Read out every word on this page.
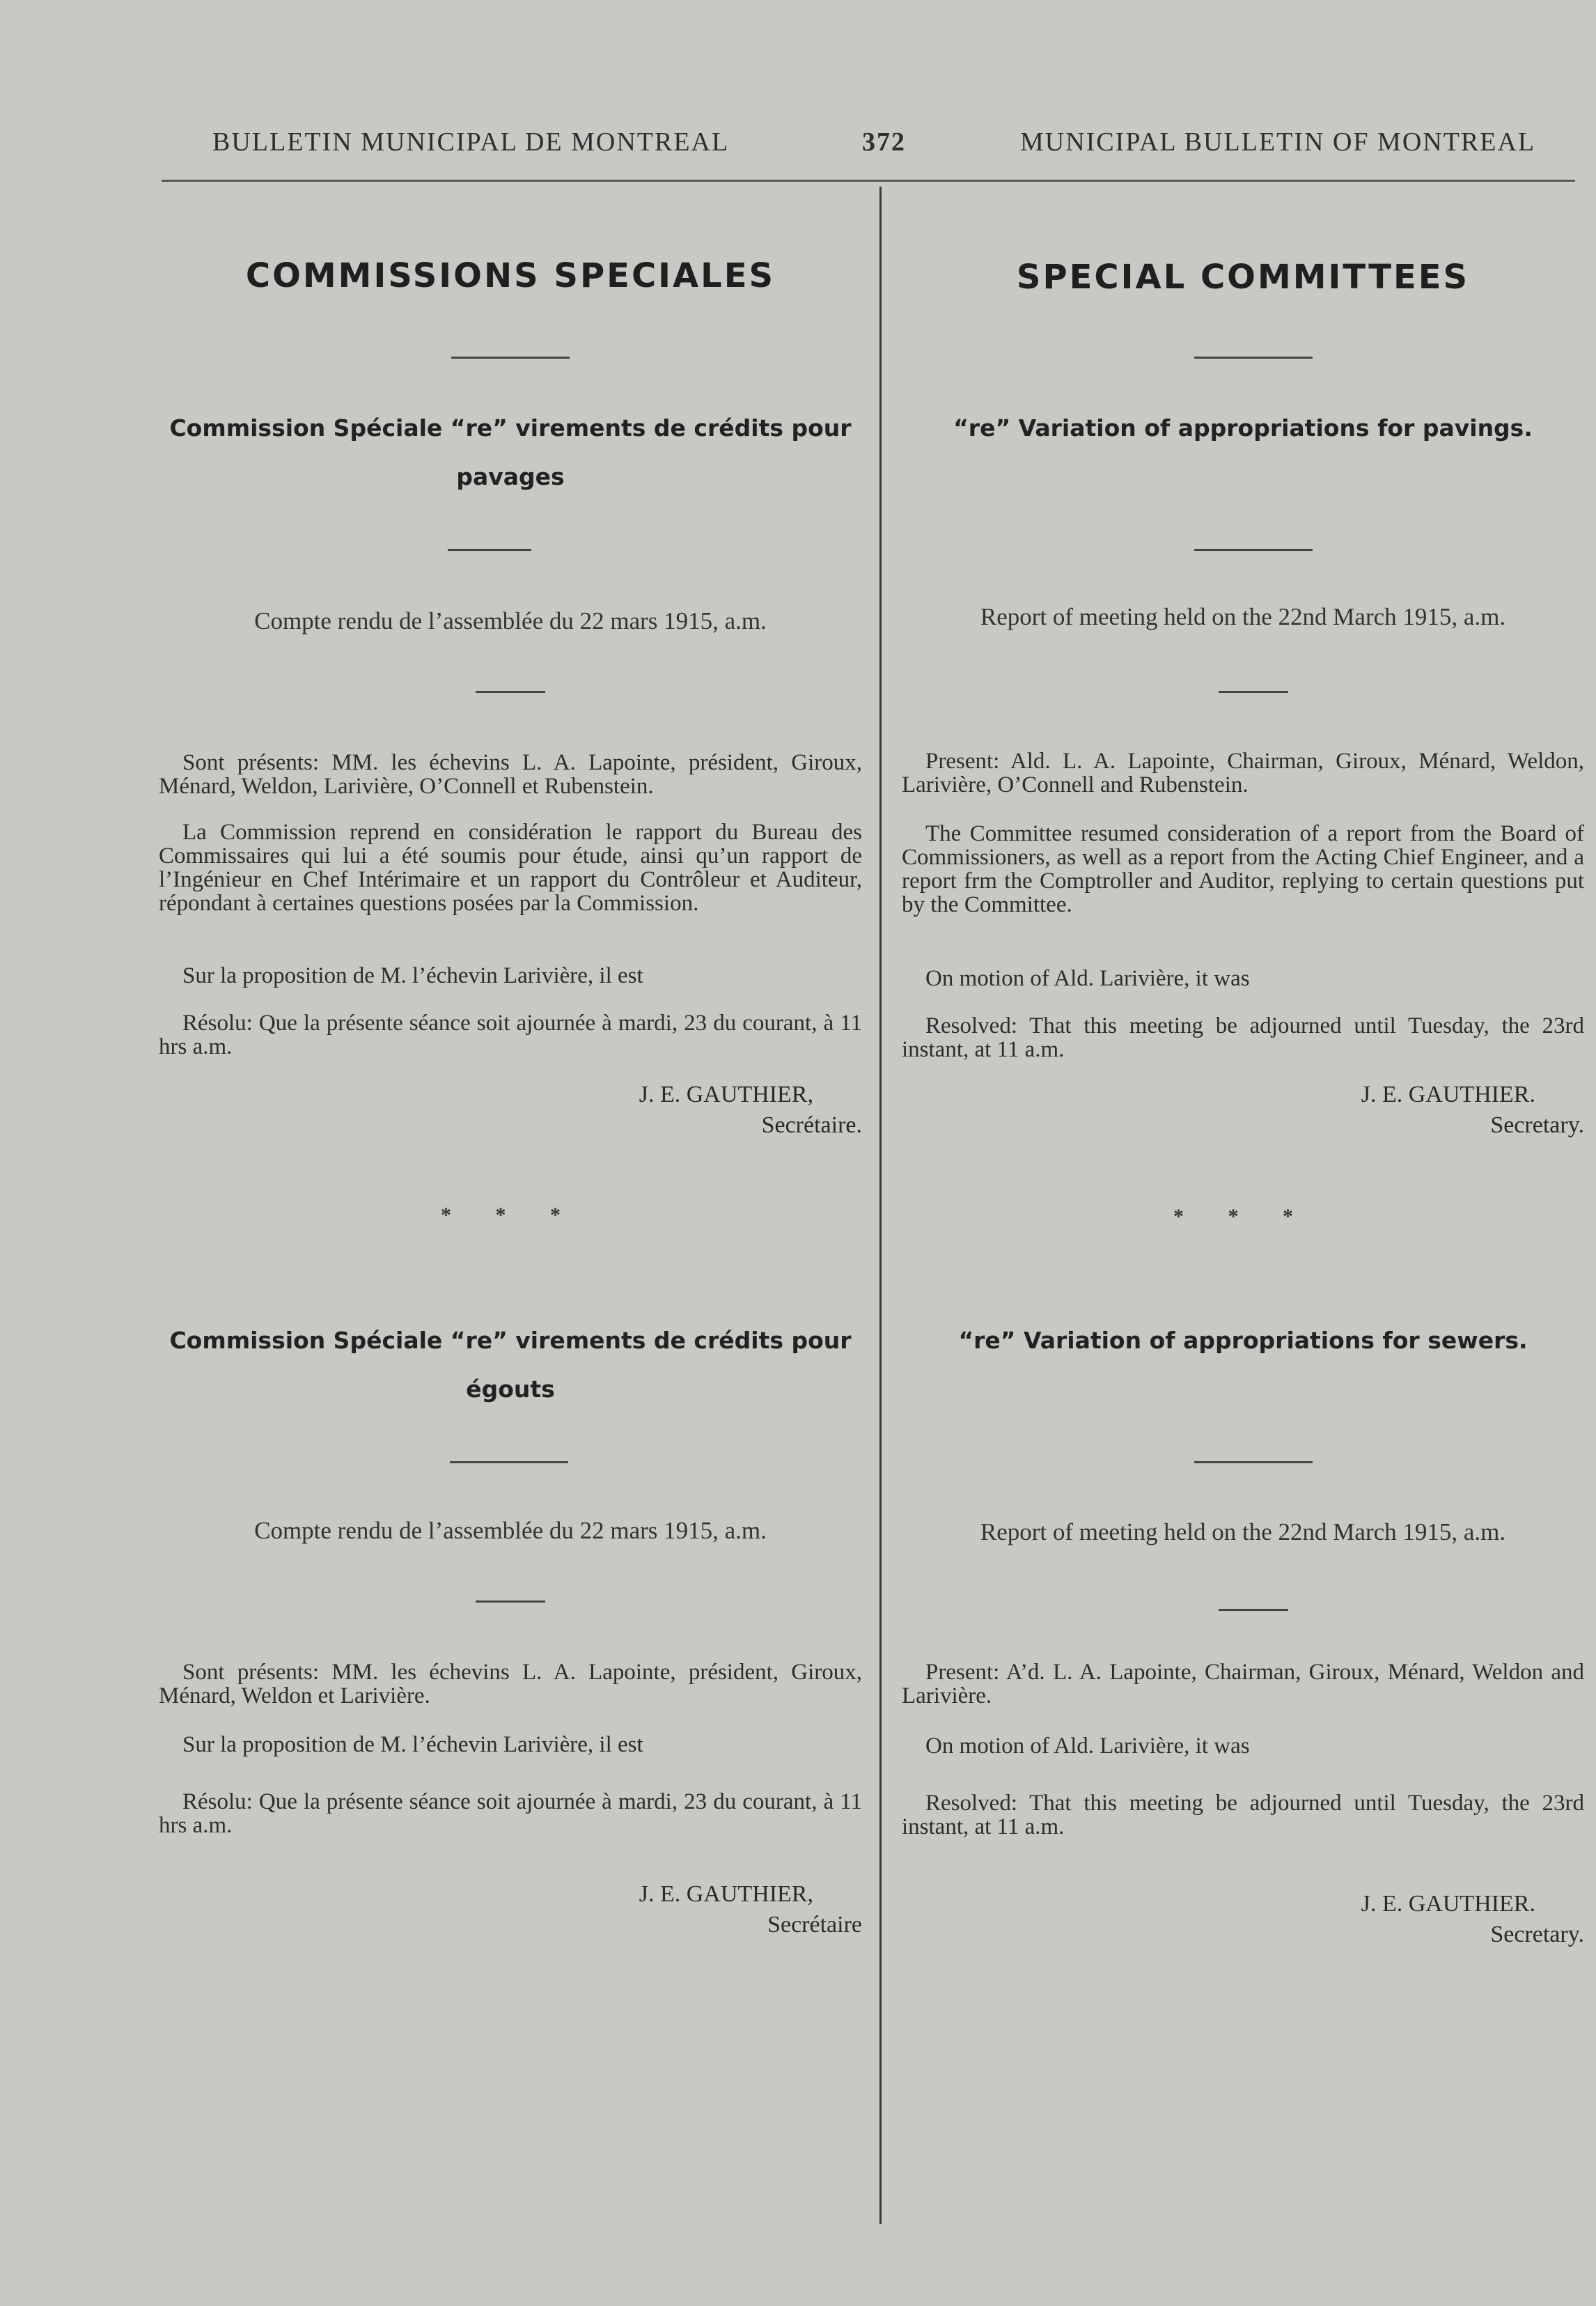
BULLETIN MUNICIPAL DE MONTREAL	372	MUNICIPAL BULLETIN OF MONTREAL
COMMISSIONS SPECIALES
Commission Spéciale “re” virements de crédits pour
pavages
Compte rendu de l’assemblée du 22 mars 1915, a.m.

Sont présents: MM. les échevins L. A. Lapointe, président, Giroux, Ménard, Weldon, Larivière, O’Connell et Rubenstein.

La Commission reprend en considération le rapport du Bureau des Commissaires qui lui a été soumis pour étude, ainsi qu’un rapport de l’Ingénieur en Chef Intérimaire et un rapport du Contrôleur et Auditeur, répondant à certaines questions posées par la Commission.

Sur la proposition de M. l’échevin Larivière, il est

Résolu: Que la présente séance soit ajournée à mardi, 23 du courant, à 11 hrs a.m.

J. E. GAUTHIER,
Secrétaire.
* * *
Commission Spéciale “re” virements de crédits pour
égouts
Compte rendu de l’assemblée du 22 mars 1915, a.m.

Sont présents: MM. les échevins L. A. Lapointe, président, Giroux, Ménard, Weldon et Larivière.

Sur la proposition de M. l’échevin Larivière, il est

Résolu: Que la présente séance soit ajournée à mardi, 23 du courant, à 11 hrs a.m.

J. E. GAUTHIER,
Secrétaire
SPECIAL COMMITTEES
“re” Variation of appropriations for pavings.
Report of meeting held on the 22nd March 1915, a.m.

Present: Ald. L. A. Lapointe, Chairman, Giroux, Ménard, Weldon, Larivière, O’Connell and Rubenstein.

The Committee resumed consideration of a report from the Board of Commissioners, as well as a report from the Acting Chief Engineer, and a report frm the Comptroller and Auditor, replying to certain questions put by the Committee.

On motion of Ald. Larivière, it was

Resolved: That this meeting be adjourned until Tuesday, the 23rd instant, at 11 a.m.

J. E. GAUTHIER.
Secretary.
* * *
“re” Variation of appropriations for sewers.
Report of meeting held on the 22nd March 1915, a.m.

Present: A’d. L. A. Lapointe, Chairman, Giroux, Ménard, Weldon and Larivière.

On motion of Ald. Larivière, it was

Resolved: That this meeting be adjourned until Tuesday, the 23rd instant, at 11 a.m.

J. E. GAUTHIER.
Secretary.
